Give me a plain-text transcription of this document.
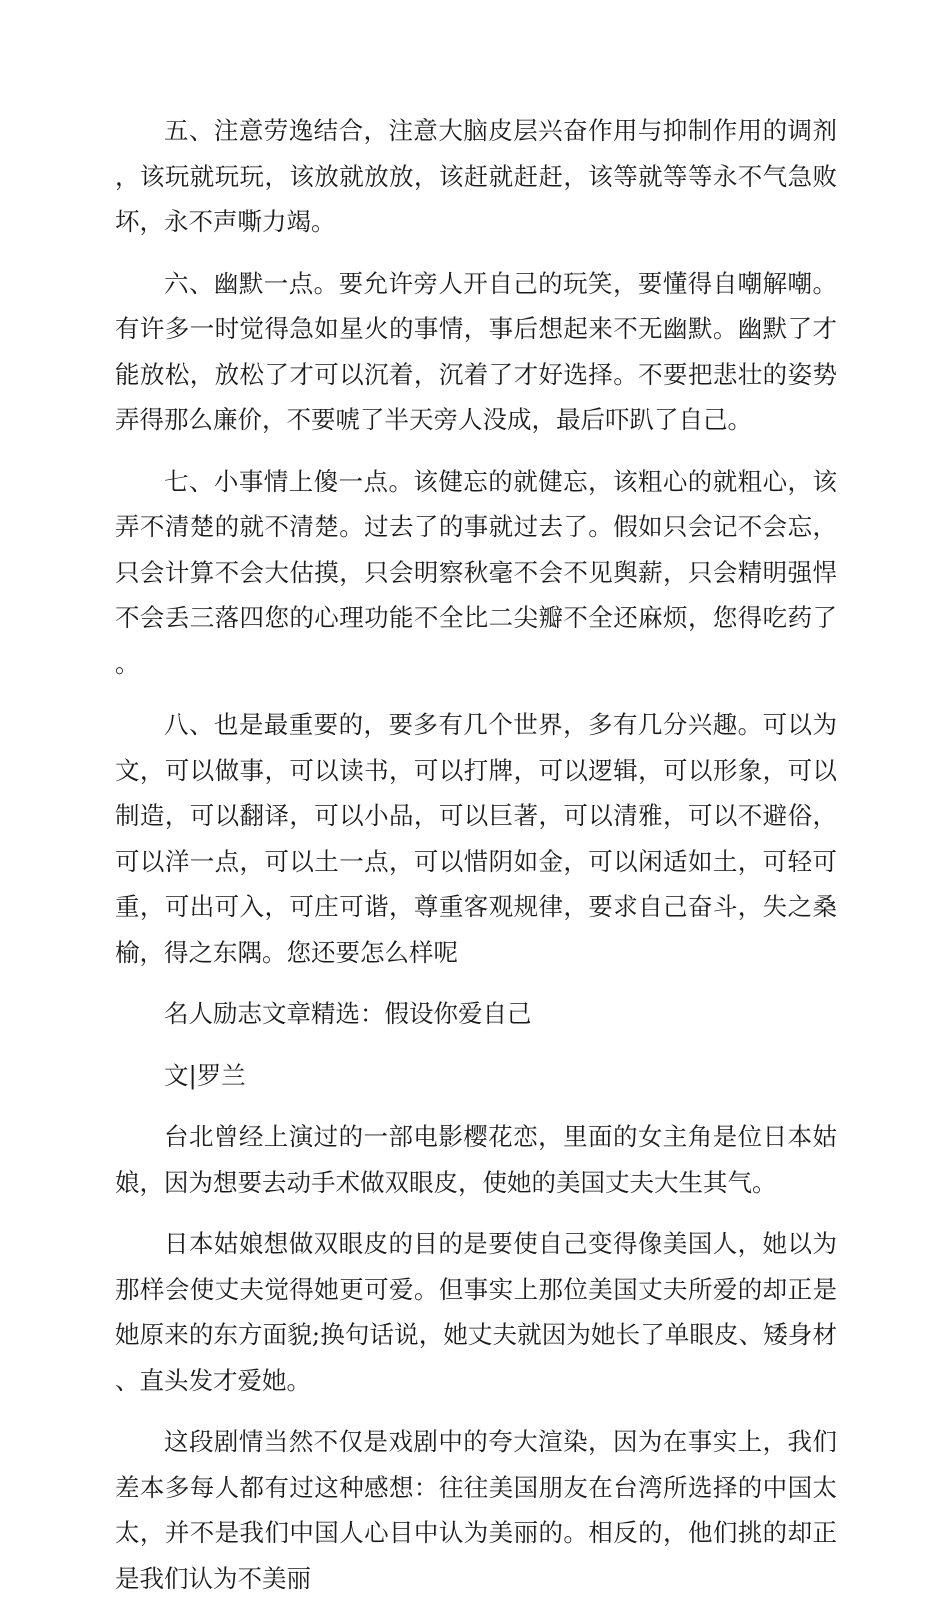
五、注意劳逸结合，注意大脑皮层兴奋作用与抑制作用的调剂，该玩就玩玩，该放就放放，该赶就赶赶，该等就等等永不气急败坏，永不声嘶力竭。

六、幽默一点。要允许旁人开自己的玩笑，要懂得自嘲解嘲。有许多一时觉得急如星火的事情，事后想起来不无幽默。幽默了才能放松，放松了才可以沉着，沉着了才好选择。不要把悲壮的姿势弄得那么廉价，不要唬了半天旁人没成，最后吓趴了自己。

七、小事情上傻一点。该健忘的就健忘，该粗心的就粗心，该弄不清楚的就不清楚。过去了的事就过去了。假如只会记不会忘，只会计算不会大估摸，只会明察秋毫不会不见舆薪，只会精明强悍不会丢三落四您的心理功能不全比二尖瓣不全还麻烦，您得吃药了。

八、也是最重要的，要多有几个世界，多有几分兴趣。可以为文，可以做事，可以读书，可以打牌，可以逻辑，可以形象，可以制造，可以翻译，可以小品，可以巨著，可以清雅，可以不避俗，可以洋一点，可以土一点，可以惜阴如金，可以闲适如土，可轻可重，可出可入，可庄可谐，尊重客观规律，要求自己奋斗，失之桑榆，得之东隅。您还要怎么样呢

名人励志文章精选：假设你爱自己

文|罗兰

台北曾经上演过的一部电影樱花恋，里面的女主角是位日本姑娘，因为想要去动手术做双眼皮，使她的美国丈夫大生其气。

日本姑娘想做双眼皮的目的是要使自己变得像美国人，她以为那样会使丈夫觉得她更可爱。但事实上那位美国丈夫所爱的却正是她原来的东方面貌;换句话说，她丈夫就因为她长了单眼皮、矮身材、直头发才爱她。

这段剧情当然不仅是戏剧中的夸大渲染，因为在事实上，我们差本多每人都有过这种感想：往往美国朋友在台湾所选择的中国太太，并不是我们中国人心目中认为美丽的。相反的，他们挑的却正是我们认为不美丽
